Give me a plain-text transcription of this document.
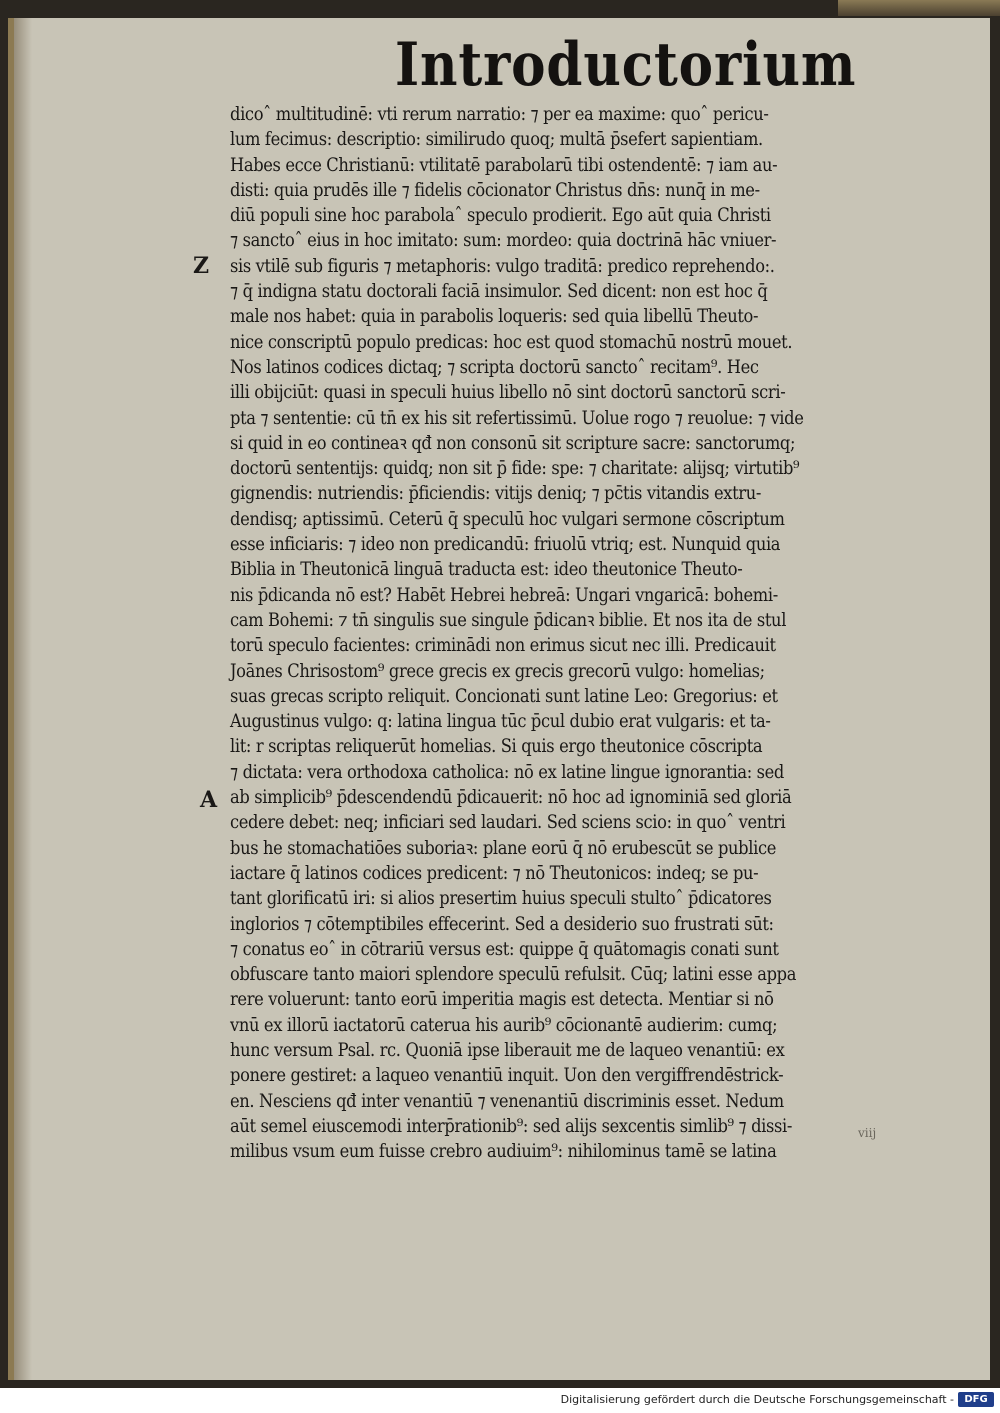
Introductorium
Z
A
dicoˆ multitudinē: vti rerum narratio: ⁊ per ea maxime: quoˆ pericu-
lum fecimus: descriptio: similirudo quoq; multā p̄sefert sapientiam.
Habes ecce Christianū: vtilitatē parabolarū tibi ostendentē: ⁊ iam au-
disti: quia prudēs ille ⁊ fidelis cōcionator Christus dn̄s: nunq̄ in me-
diū populi sine hoc parabolaˆ speculo prodierit. Ego aūt quia Christi
⁊ sanctoˆ eius in hoc imitato: sum: mordeo: quia doctrinā hāc vniuer-
sis vtilē sub figuris ⁊ metaphoris: vulgo traditā: predico reprehendo:.
⁊ q̄ indigna statu doctorali faciā insimulor. Sed dicent: non est hoc q̄
male nos habet: quia in parabolis loqueris: sed quia libellū Theuto-
nice conscriptū populo predicas: hoc est quod stomachū nostrū mouet.
Nos latinos codices dictaq; ⁊ scripta doctorū sanctoˆ recitam⁹. Hec
illi obijciūt: quasi in speculi huius libello nō sint doctorū sanctorū scri-
pta ⁊ sententie: cū tn̄ ex his sit refertissimū. Uolue rogo ⁊ reuolue: ⁊ vide
si quid in eo contineaꝛ qđ non consonū sit scripture sacre: sanctorumq;
doctorū sententijs: quidq; non sit p̄ fide: spe: ⁊ charitate: alijsq; virtutib⁹
gignendis: nutriendis: p̄ficiendis: vitijs deniq; ⁊ pc̄tis vitandis extru-
dendisq; aptissimū. Ceterū q̄ speculū hoc vulgari sermone cōscriptum
esse inficiaris: ⁊ ideo non predicandū: friuolū vtriq; est. Nunquid quia
Biblia in Theutonicā linguā traducta est: ideo theutonice Theuto-
nis p̄dicanda nō est? Habēt Hebrei hebreā: Ungari vngaricā: bohemi-
cam Bohemi: ⁊ tn̄ singulis sue singule p̄dicanꝛ biblie. Et nos ita de stul
torū speculo facientes: criminādi non erimus sicut nec illi. Predicauit
Joānes Chrisostom⁹ grece grecis ex grecis grecorū vulgo: homelias;
suas grecas scripto reliquit. Concionati sunt latine Leo: Gregorius: et
Augustinus vulgo: q: latina lingua tūc p̄cul dubio erat vulgaris: et ta-
lit: r scriptas reliquerūt homelias. Si quis ergo theutonice cōscripta
⁊ dictata: vera orthodoxa catholica: nō ex latine lingue ignorantia: sed
ab simplicib⁹ p̄descendendū p̄dicauerit: nō hoc ad ignominiā sed gloriā
cedere debet: neq; inficiari sed laudari. Sed sciens scio: in quoˆ ventri
bus he stomachatiōes suboriaꝛ: plane eorū q̄ nō erubescūt se publice
iactare q̄ latinos codices predicent: ⁊ nō Theutonicos: indeq; se pu-
tant glorificatū iri: si alios presertim huius speculi stultoˆ p̄dicatores
inglorios ⁊ cōtemptibiles effecerint. Sed a desiderio suo frustrati sūt:
⁊ conatus eoˆ in cōtrariū versus est: quippe q̄ quātomagis conati sunt
obfuscare tanto maiori splendore speculū refulsit. Cūq; latini esse appa
rere voluerunt: tanto eorū imperitia magis est detecta. Mentiar si nō
vnū ex illorū iactatorū caterua his aurib⁹ cōcionantē audierim: cumq;
hunc versum Psal. rc. Quoniā ipse liberauit me de laqueo venantiū: ex
ponere gestiret: a laqueo venantiū inquit. Uon den vergiffrendēstrick-
en. Nesciens qđ inter venantiū ⁊ venenantiū discriminis esset. Nedum
aūt semel eiuscemodi interp̄rationib⁹: sed alijs sexcentis simlib⁹ ⁊ dissi-
milibus vsum eum fuisse crebro audiuim⁹: nihilominus tamē se latina
viij
Digitalisierung gefördert durch die Deutsche Forschungsgemeinschaft -	DFG
